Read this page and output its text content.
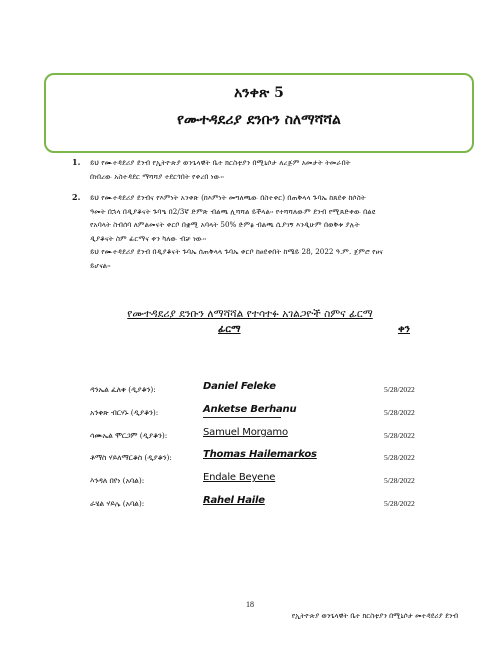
አንቀጽ 5
የሙተዳደሪያ ደንቡን ስለማሻሻል
1.	ይህ የሙተዳደሪያ ደንብ የኢትዮጵያ ወንጌላዊት ቤተ ክርስቲያን በሚኒሶታ ለረጅም አመታት ትመራበት
በነበረው አስተዳደር ማሻሻያ ተደርጎበት የቀረበ ነው፡፡

2.	ይህ የሙተዳደሪያ ደንብና የእምነት አንቀጽ (ከእምነት መግለጫው በስተቀር) በጠቅላላ ጉባኤ ከጸደቀ ከሶስት
ዓመት በኋላ በዲያቆናት ጉባዔ በ2/3ኛ ድምጽ ብልጫ ሊሻሻል ይችላል፡፡ የተሻሻለውም ደንብ የሚጸድቀው በልዩ
የአባላት ስብሰባ ለምልመናት ቀርቦ በቋሚ አባላት 50% ድምፅ ብልጫ ሲያገኝ እንዲሁም በወቅቱ ያሉት
ዲያቆናት ስም ፊርማና ቀን ካለው ብቻ ነው፡፡
ይህ የሙተዳደሪያ ደንብ በዲያቆናት ጉባኤ ሰጠቅላላ ጉባኤ ቀርቦ ከፀደቀበት ከሜይ 28, 2022 ዓ.ም. ጀምሮ የፀና
ይሆናል፡፡

የሙተዳደሪያ ደንቡን ለማሻሻል የተሳተፉ አገልጋዮች ስምና ፊርማ
ፊርማ	ቀን
ዳንኤል ፈለቀ (ዲያቆን):	Daniel Feleke	5/28/2022
አንቀጽ ብርሃኑ (ዲያቆን):	Anketse Berhanu	5/28/2022
ሳሙኤል ሞርጋም (ዲያቆን):	Samuel Morgamo	5/28/2022
ቶማስ ሃይለማርቆስ (ዲያቆን):	Thomas Hailemarkos	5/28/2022
እንዳለ በየነ (አባል):	Endale Beyene	5/28/2022
ራሄል ሃይሌ (አባል):	Rahel Haile	5/28/2022
18
የኢትዮጵያ ወንጌላዊት ቤተ ክርስቲያን በሚኒሶታ መተዳደሪያ ደንብ
